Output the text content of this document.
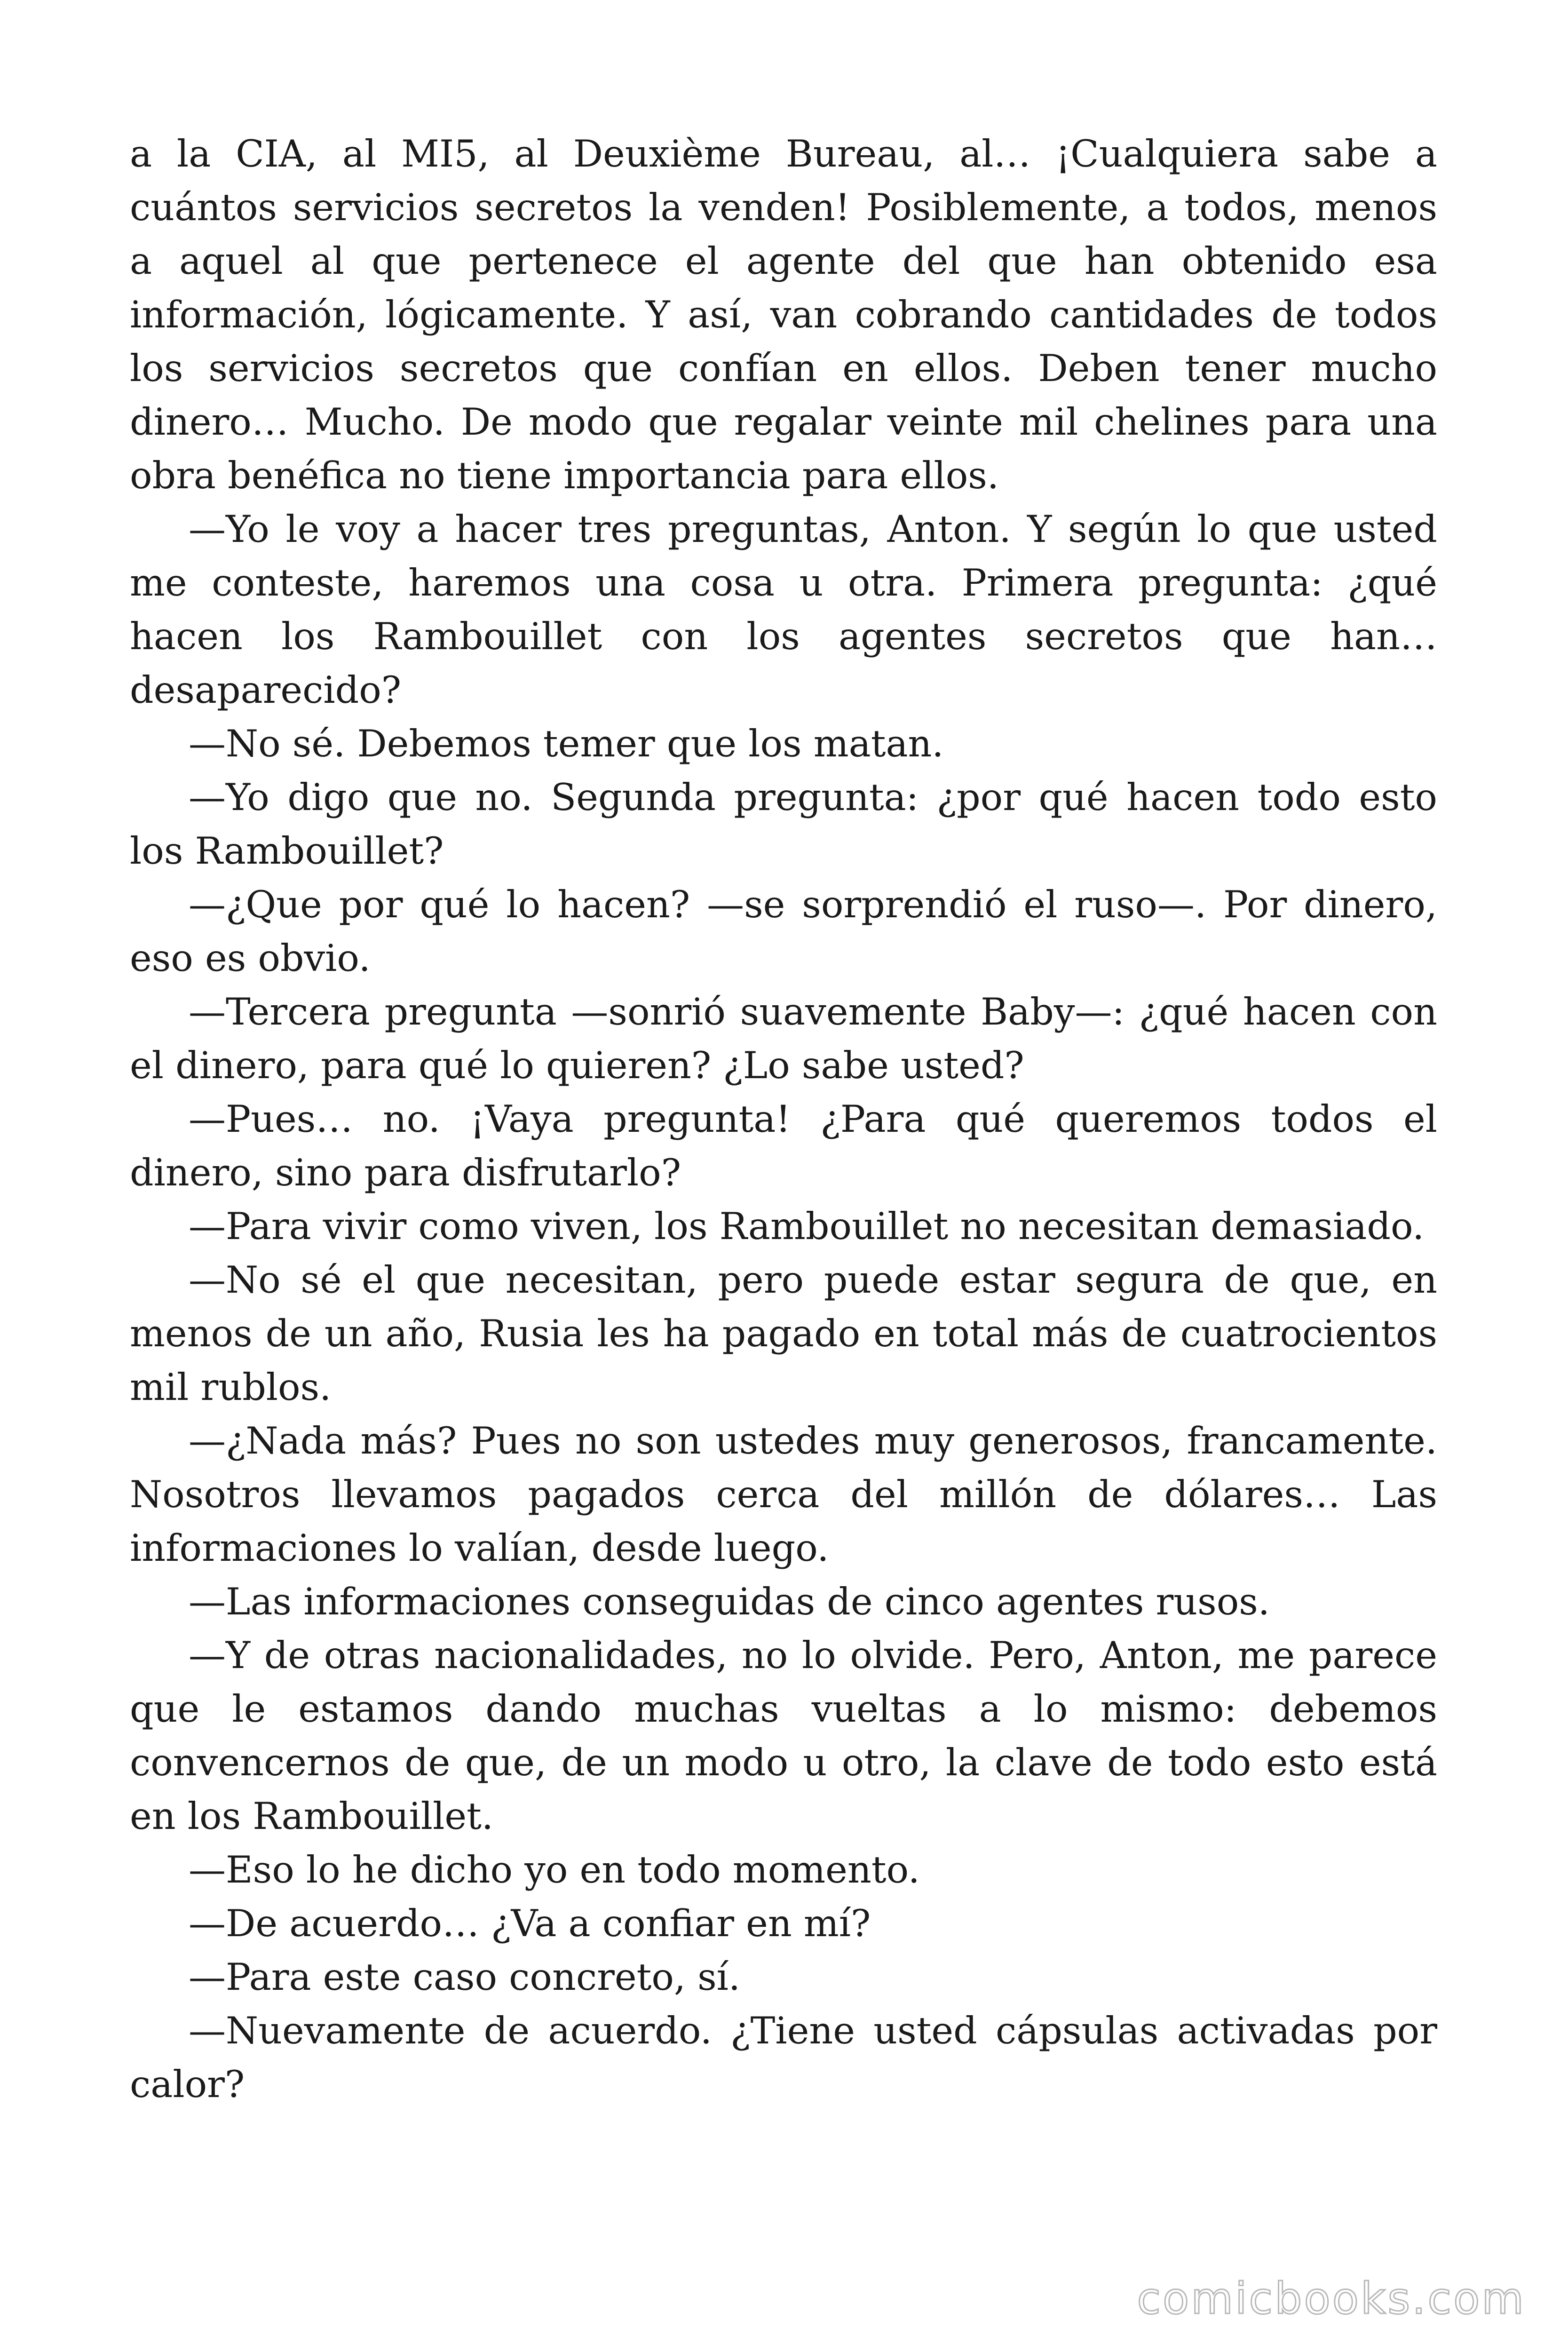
a la CIA, al MI5, al Deuxième Bureau, al… ¡Cualquiera sabe a cuántos servicios secretos la venden! Posiblemente, a todos, menos a aquel al que pertenece el agente del que han obtenido esa información, lógicamente. Y así, van cobrando cantidades de todos los servicios secretos que confían en ellos. Deben tener mucho dinero… Mucho. De modo que regalar veinte mil chelines para una obra benéfica no tiene importancia para ellos.

—Yo le voy a hacer tres preguntas, Anton. Y según lo que usted me conteste, haremos una cosa u otra. Primera pregunta: ¿qué hacen los Rambouillet con los agentes secretos que han… desaparecido?

—No sé. Debemos temer que los matan.

—Yo digo que no. Segunda pregunta: ¿por qué hacen todo esto los Rambouillet?

—¿Que por qué lo hacen? —se sorprendió el ruso—. Por dinero, eso es obvio.

—Tercera pregunta —sonrió suavemente Baby—: ¿qué hacen con el dinero, para qué lo quieren? ¿Lo sabe usted?

—Pues… no. ¡Vaya pregunta! ¿Para qué queremos todos el dinero, sino para disfrutarlo?

—Para vivir como viven, los Rambouillet no necesitan demasiado.

—No sé el que necesitan, pero puede estar segura de que, en menos de un año, Rusia les ha pagado en total más de cuatrocientos mil rublos.

—¿Nada más? Pues no son ustedes muy generosos, francamente. Nosotros llevamos pagados cerca del millón de dólares… Las informaciones lo valían, desde luego.

—Las informaciones conseguidas de cinco agentes rusos.

—Y de otras nacionalidades, no lo olvide. Pero, Anton, me parece que le estamos dando muchas vueltas a lo mismo: debemos convencernos de que, de un modo u otro, la clave de todo esto está en los Rambouillet.

—Eso lo he dicho yo en todo momento.

—De acuerdo… ¿Va a confiar en mí?

—Para este caso concreto, sí.

—Nuevamente de acuerdo. ¿Tiene usted cápsulas activadas por calor?

comicbooks.com
